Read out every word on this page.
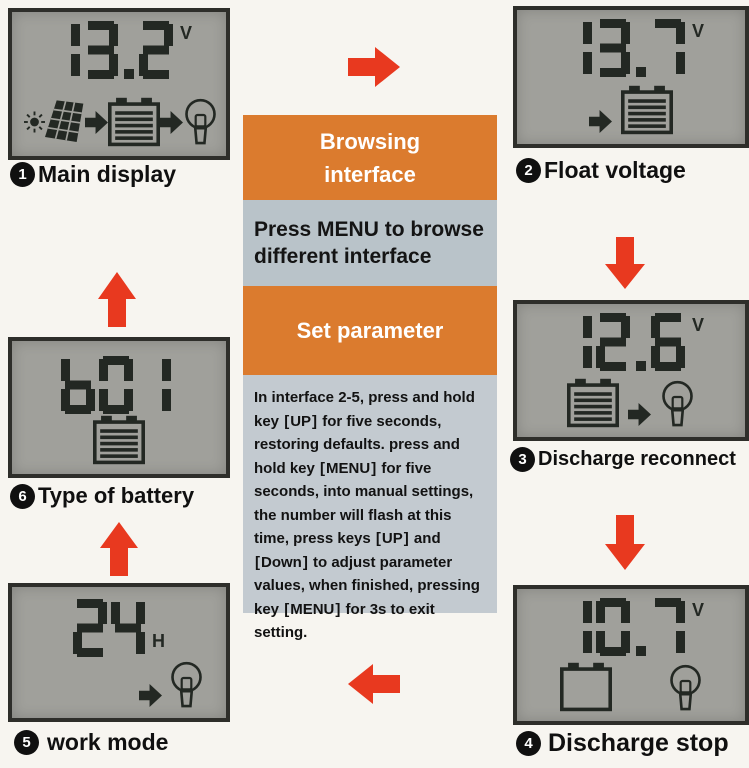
V
1 Main display
V
2 Float voltage
V
3 Discharge reconnect
V
4 Discharge stop
H
5 work mode
6 Type of battery
Browsing interface
Press MENU to browse different interface
Set parameter
In interface 2-5, press and hold key [UP] for five seconds, restoring defaults. press and hold key [MENU] for five seconds, into manual settings, the number will flash at this time, press keys [UP] and [Down] to adjust parameter values, when finished, pressing key [MENU] for 3s to exit setting.
